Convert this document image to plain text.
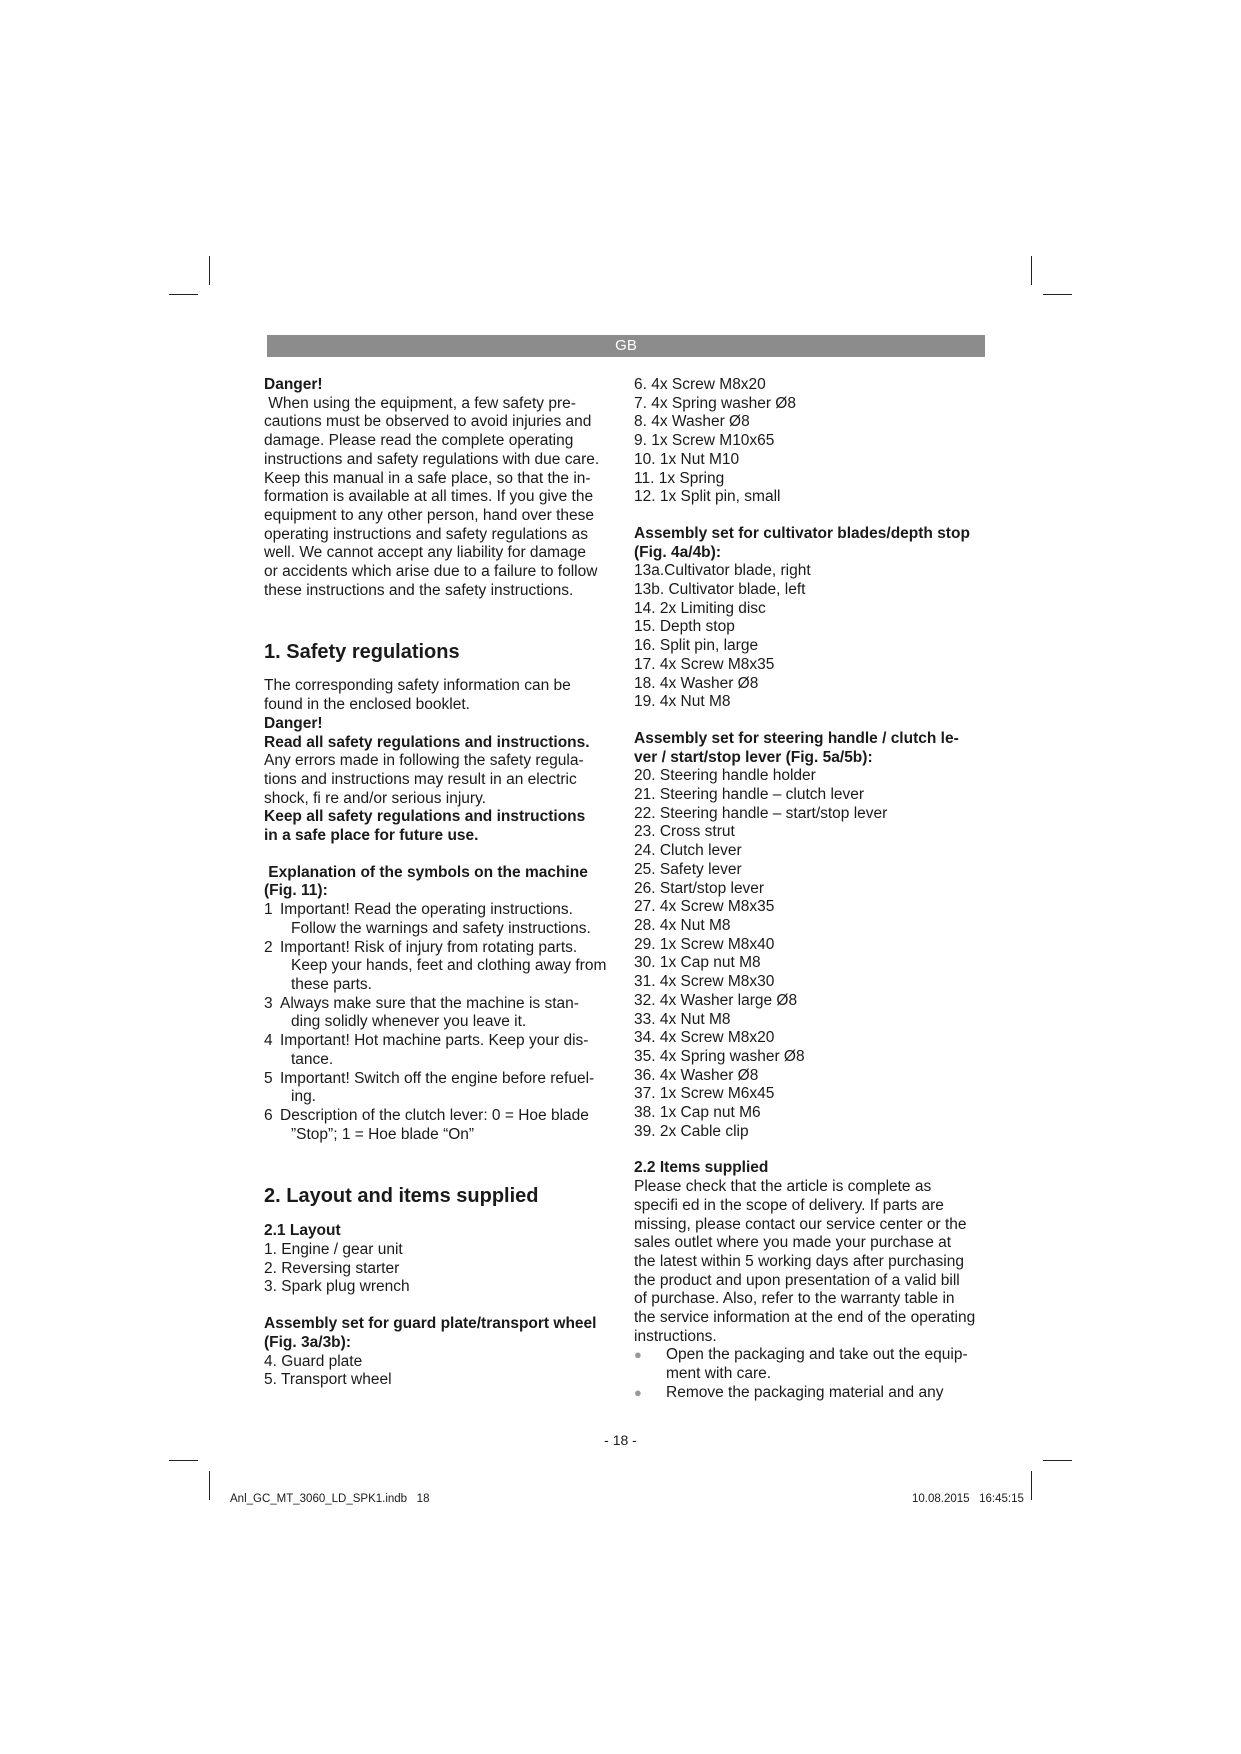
GB

Danger!

When using the equipment, a few safety pre-

cautions must be observed to avoid injuries and

damage. Please read the complete operating

instructions and safety regulations with due care.

Keep this manual in a safe place, so that the in-

formation is available at all times. If you give the

equipment to any other person, hand over these

operating instructions and safety regulations as

well. We cannot accept any liability for damage

or accidents which arise due to a failure to follow

these instructions and the safety instructions.

1. Safety regulations

The corresponding safety information can be

found in the enclosed booklet.

Danger!

Read all safety regulations and instructions.

Any errors made in following the safety regula-

tions and instructions may result in an electric

shock, fi re and/or serious injury.

Keep all safety regulations and instructions

in a safe place for future use.

Explanation of the symbols on the machine

(Fig. 11):

1 Important! Read the operating instructions.
Follow the warnings and safety instructions.
2 Important! Risk of injury from rotating parts.
Keep your hands, feet and clothing away from
these parts.
3 Always make sure that the machine is stan-
ding solidly whenever you leave it.
4 Important! Hot machine parts. Keep your dis-
tance.
5 Important! Switch off the engine before refuel-
ing.
6 Description of the clutch lever: 0 = Hoe blade
”Stop”; 1 = Hoe blade “On”

2. Layout and items supplied

2.1 Layout

1. Engine / gear unit

2. Reversing starter

3. Spark plug wrench

Assembly set for guard plate/transport wheel

(Fig. 3a/3b):

4. Guard plate

5. Transport wheel

6. 4x Screw M8x20

7. 4x Spring washer Ø8

8. 4x Washer Ø8

9. 1x Screw M10x65

10. 1x Nut M10

11. 1x Spring

12. 1x Split pin, small

Assembly set for cultivator blades/depth stop

(Fig. 4a/4b):

13a.Cultivator blade, right

13b. Cultivator blade, left

14. 2x Limiting disc

15. Depth stop

16. Split pin, large

17. 4x Screw M8x35

18. 4x Washer Ø8

19. 4x Nut M8

Assembly set for steering handle / clutch le-

ver / start/stop lever (Fig. 5a/5b):

20. Steering handle holder

21. Steering handle – clutch lever

22. Steering handle – start/stop lever

23. Cross strut

24. Clutch lever

25. Safety lever

26. Start/stop lever

27. 4x Screw M8x35

28. 4x Nut M8

29. 1x Screw M8x40

30. 1x Cap nut M8

31. 4x Screw M8x30

32. 4x Washer large Ø8

33. 4x Nut M8

34. 4x Screw M8x20

35. 4x Spring washer Ø8

36. 4x Washer Ø8

37. 1x Screw M6x45

38. 1x Cap nut M6

39. 2x Cable clip

2.2 Items supplied

Please check that the article is complete as

specifi ed in the scope of delivery. If parts are

missing, please contact our service center or the

sales outlet where you made your purchase at

the latest within 5 working days after purchasing

the product and upon presentation of a valid bill

of purchase. Also, refer to the warranty table in

the service information at the end of the operating

instructions.

●	Open the packaging and take out the equip-
ment with care.
●	Remove the packaging material and any
- 18 -
Anl_GC_MT_3060_LD_SPK1.indb   18	10.08.2015   16:45:15
